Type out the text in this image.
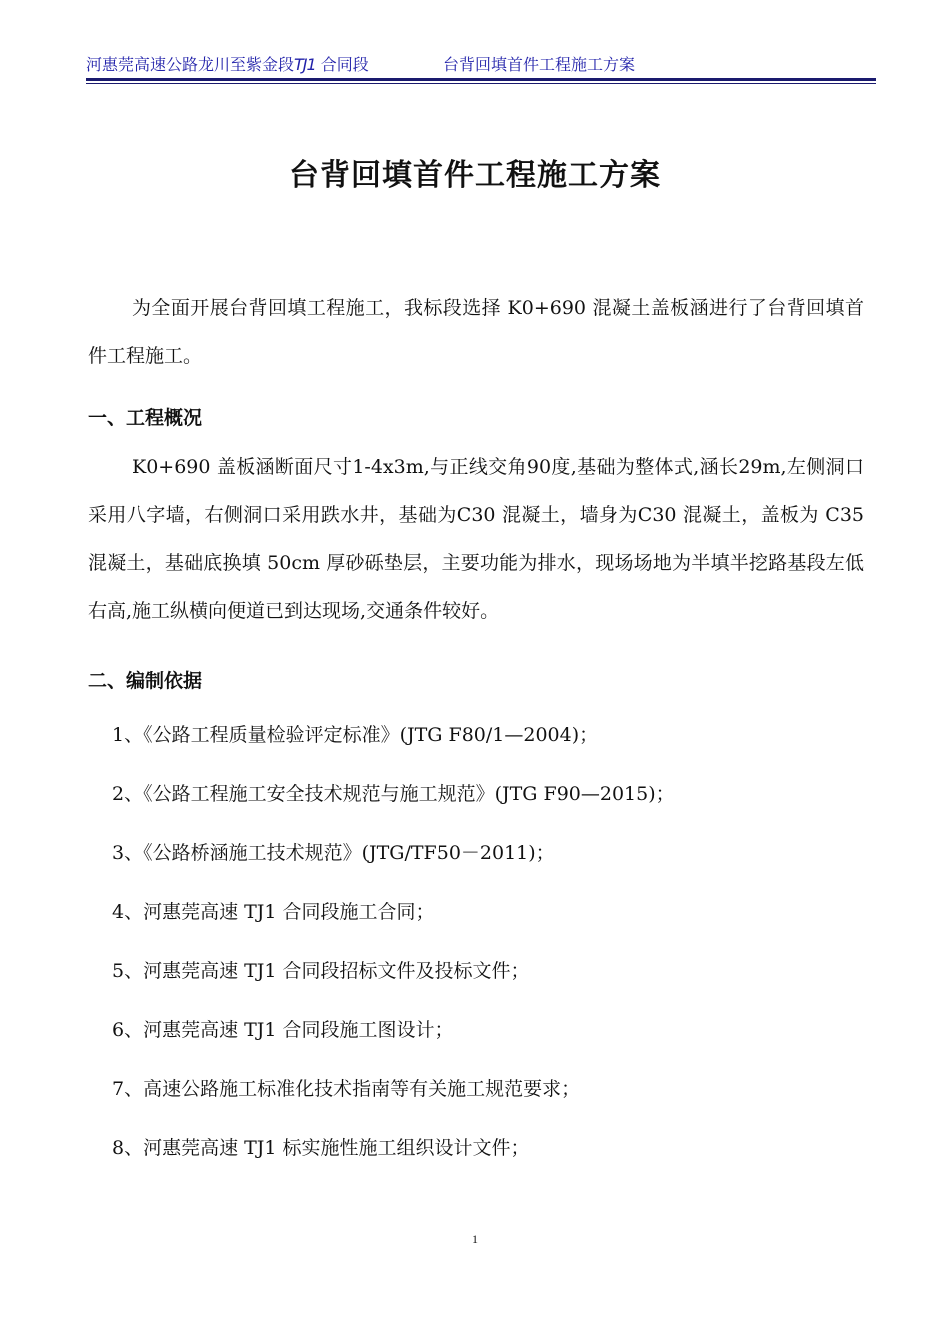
河惠莞高速公路龙川至紫金段TJ1 合同段	台背回填首件工程施工方案
台背回填首件工程施工方案
为全面开展台背回填工程施工，我标段选择 K0+690 混凝土盖板涵进行了台背回填首件工程施工。
一、工程概况
K0+690 盖板涵断面尺寸1-4x3m,与正线交角90度,基础为整体式,涵长29m,左侧洞口采用八字墙，右侧洞口采用跌水井，基础为C30 混凝土，墙身为C30 混凝土，盖板为 C35 混凝土，基础底换填 50cm 厚砂砾垫层，主要功能为排水，现场场地为半填半挖路基段左低右高,施工纵横向便道已到达现场,交通条件较好。
二、编制依据
1、《公路工程质量检验评定标准》(JTG F80/1—2004)；
2、《公路工程施工安全技术规范与施工规范》(JTG F90—2015)；
3、《公路桥涵施工技术规范》(JTG/TF50－2011)；
4、河惠莞高速 TJ1 合同段施工合同；
5、河惠莞高速 TJ1 合同段招标文件及投标文件；
6、河惠莞高速 TJ1 合同段施工图设计；
7、高速公路施工标准化技术指南等有关施工规范要求；
8、河惠莞高速 TJ1 标实施性施工组织设计文件；
1
